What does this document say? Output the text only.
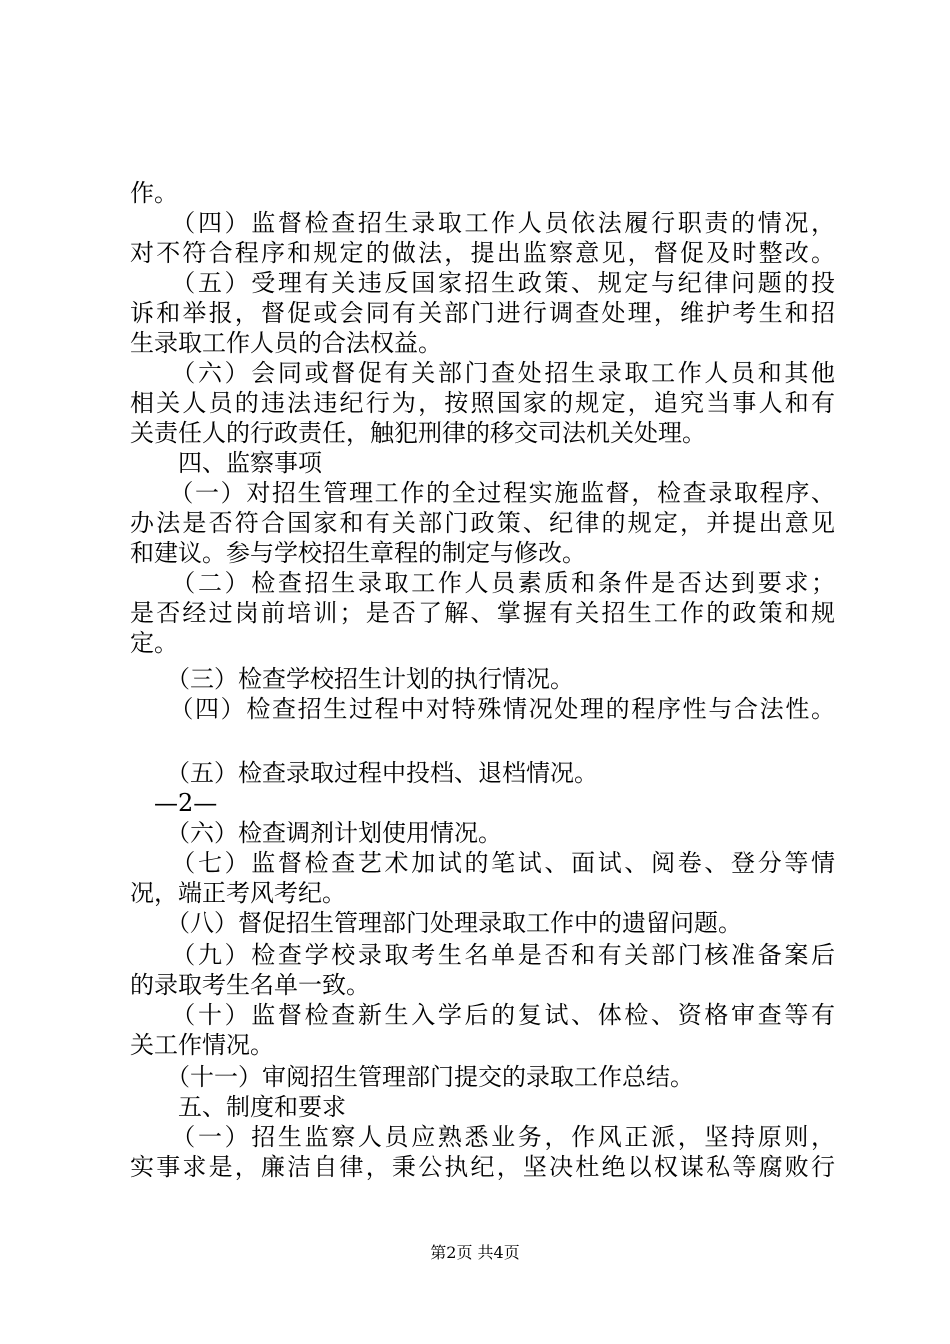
作。
　　（四）监督检查招生录取工作人员依法履行职责的情况，
对不符合程序和规定的做法，提出监察意见，督促及时整改。
　　（五）受理有关违反国家招生政策、规定与纪律问题的投
诉和举报，督促或会同有关部门进行调查处理，维护考生和招
生录取工作人员的合法权益。
　　（六）会同或督促有关部门查处招生录取工作人员和其他
相关人员的违法违纪行为，按照国家的规定，追究当事人和有
关责任人的行政责任，触犯刑律的移交司法机关处理。
　　四、监察事项
　　（一）对招生管理工作的全过程实施监督，检查录取程序、
办法是否符合国家和有关部门政策、纪律的规定，并提出意见
和建议。参与学校招生章程的制定与修改。
　　（二）检查招生录取工作人员素质和条件是否达到要求；
是否经过岗前培训；是否了解、掌握有关招生工作的政策和规
定。
　　（三）检查学校招生计划的执行情况。
　　（四）检查招生过程中对特殊情况处理的程序性与合法性。
　　（五）检查录取过程中投档、退档情况。
　—2—
　　（六）检查调剂计划使用情况。
　　（七）监督检查艺术加试的笔试、面试、阅卷、登分等情
况，端正考风考纪。
　　（八）督促招生管理部门处理录取工作中的遗留问题。
　　（九）检查学校录取考生名单是否和有关部门核准备案后
的录取考生名单一致。
　　（十）监督检查新生入学后的复试、体检、资格审查等有
关工作情况。
　　（十一）审阅招生管理部门提交的录取工作总结。
　　五、制度和要求
　　（一）招生监察人员应熟悉业务，作风正派，坚持原则，
实事求是，廉洁自律，秉公执纪，坚决杜绝以权谋私等腐败行
第2页 共4页
